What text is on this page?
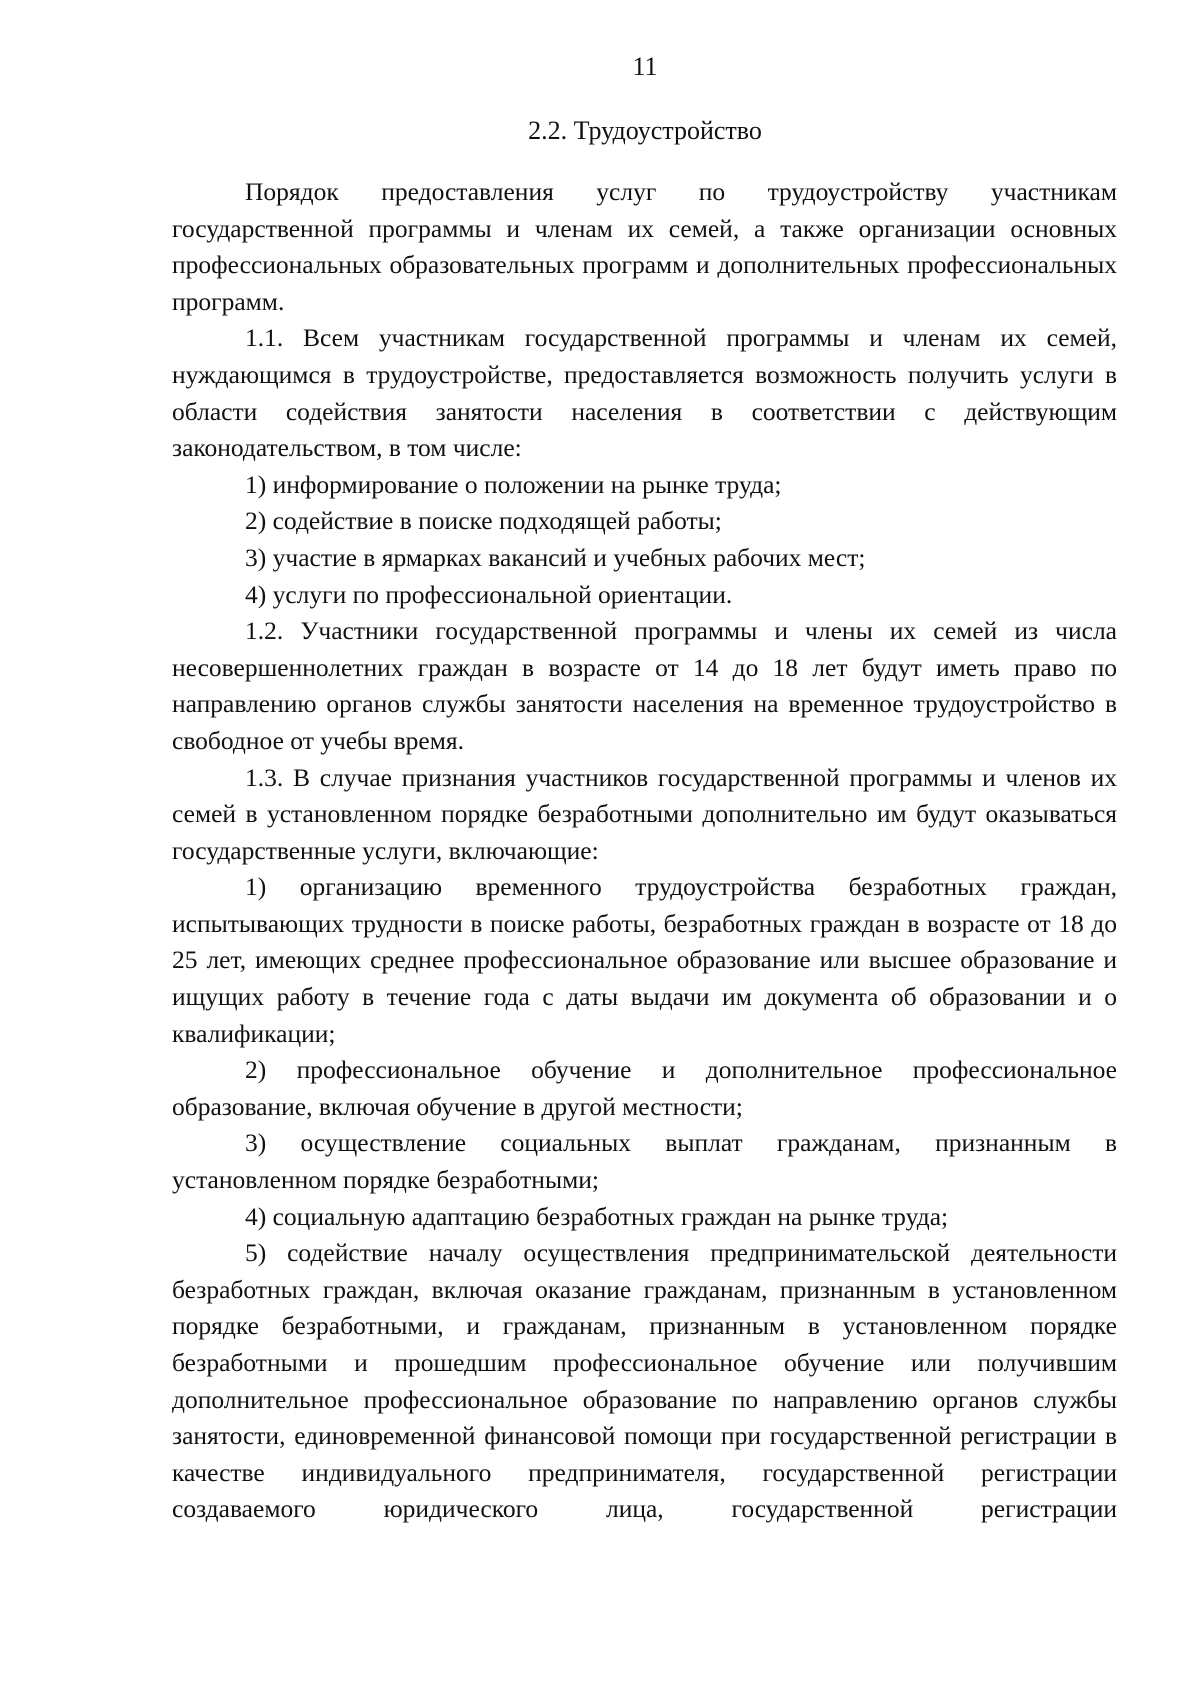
11
2.2. Трудоустройство

Порядок предоставления услуг по трудоустройству участникам государственной программы и членам их семей, а также организации основных профессиональных образовательных программ и дополнительных профессиональных программ.

1.1. Всем участникам государственной программы и членам их семей, нуждающимся в трудоустройстве, предоставляется возможность получить услуги в области содействия занятости населения в соответствии с действующим законодательством, в том числе:

1) информирование о положении на рынке труда;

2) содействие в поиске подходящей работы;

3) участие в ярмарках вакансий и учебных рабочих мест;

4) услуги по профессиональной ориентации.

1.2. Участники государственной программы и члены их семей из числа несовершеннолетних граждан в возрасте от 14 до 18 лет будут иметь право по направлению органов службы занятости населения на временное трудоустройство в свободное от учебы время.

1.3. В случае признания участников государственной программы и членов их семей в установленном порядке безработными дополнительно им будут оказываться государственные услуги, включающие:

1) организацию временного трудоустройства безработных граждан, испытывающих трудности в поиске работы, безработных граждан в возрасте от 18 до 25 лет, имеющих среднее профессиональное образование или высшее образование и ищущих работу в течение года с даты выдачи им документа об образовании и о квалификации;

2) профессиональное обучение и дополнительное профессиональное образование, включая обучение в другой местности;

3) осуществление социальных выплат гражданам, признанным в установленном порядке безработными;

4) социальную адаптацию безработных граждан на рынке труда;

5) содействие началу осуществления предпринимательской деятельности безработных граждан, включая оказание гражданам, признанным в установленном порядке безработными, и гражданам, признанным в установленном порядке безработными и прошедшим профессиональное обучение или получившим дополнительное профессиональное образование по направлению органов службы занятости, единовременной финансовой помощи при государственной регистрации в качестве индивидуального предпринимателя, государственной регистрации создаваемого юридического лица, государственной регистрации
